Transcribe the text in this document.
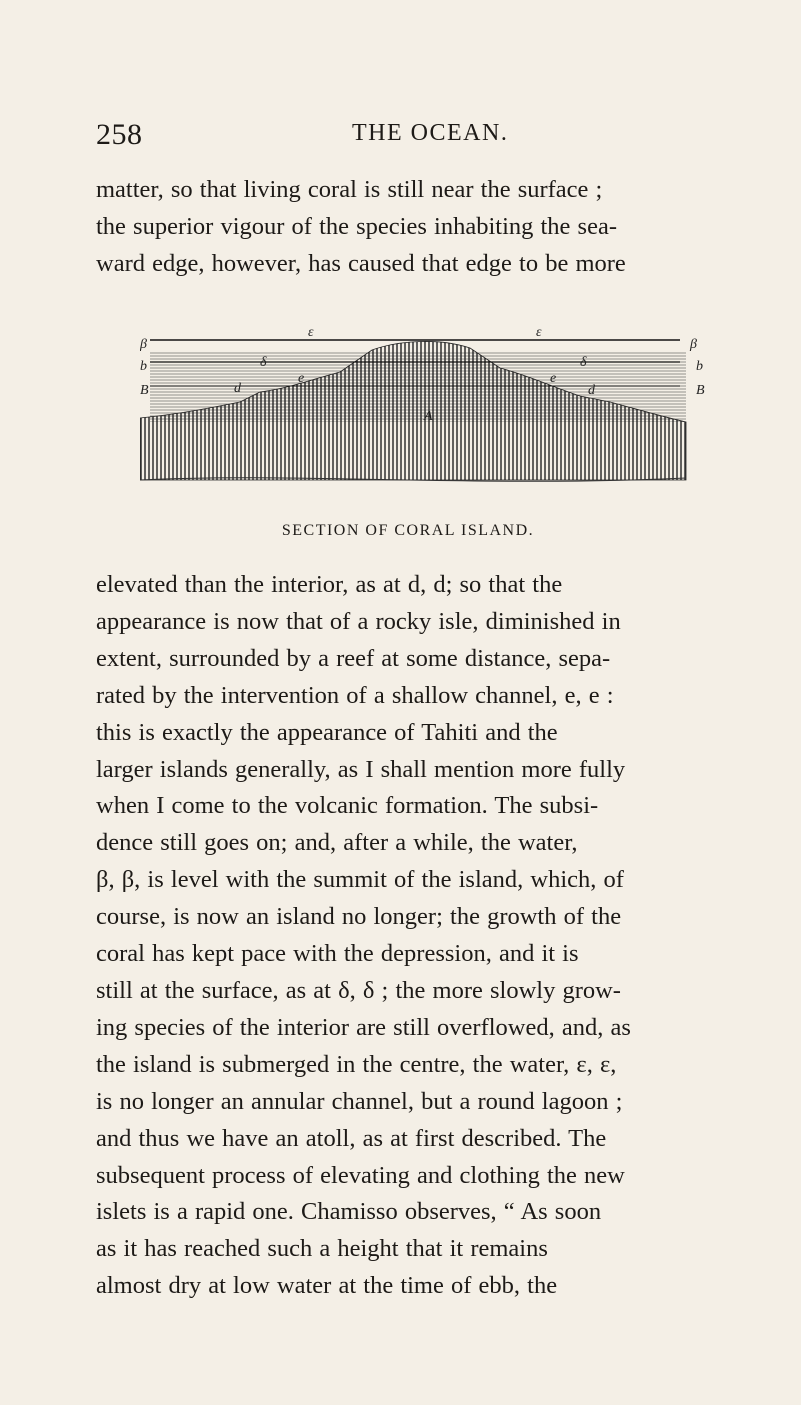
258	THE OCEAN.
matter, so that living coral is still near the surface ;
the superior vigour of the species inhabiting the sea-
ward edge, however, has caused that edge to be more
β	β
b	b
B	B
δ	δ
d	d
e	e
ε	ε
A
SECTION OF CORAL ISLAND.
elevated than the interior, as at d, d; so that the
appearance is now that of a rocky isle, diminished in
extent, surrounded by a reef at some distance, sepa-
rated by the intervention of a shallow channel, e, e :
this is exactly the appearance of Tahiti and the
larger islands generally, as I shall mention more fully
when I come to the volcanic formation. The subsi-
dence still goes on; and, after a while, the water,
β, β, is level with the summit of the island, which, of
course, is now an island no longer; the growth of the
coral has kept pace with the depression, and it is
still at the surface, as at δ, δ ; the more slowly grow-
ing species of the interior are still overflowed, and, as
the island is submerged in the centre, the water, ε, ε,
is no longer an annular channel, but a round lagoon ;
and thus we have an atoll, as at first described. The
subsequent process of elevating and clothing the new
islets is a rapid one. Chamisso observes, “ As soon
as it has reached such a height that it remains
almost dry at low water at the time of ebb, the
